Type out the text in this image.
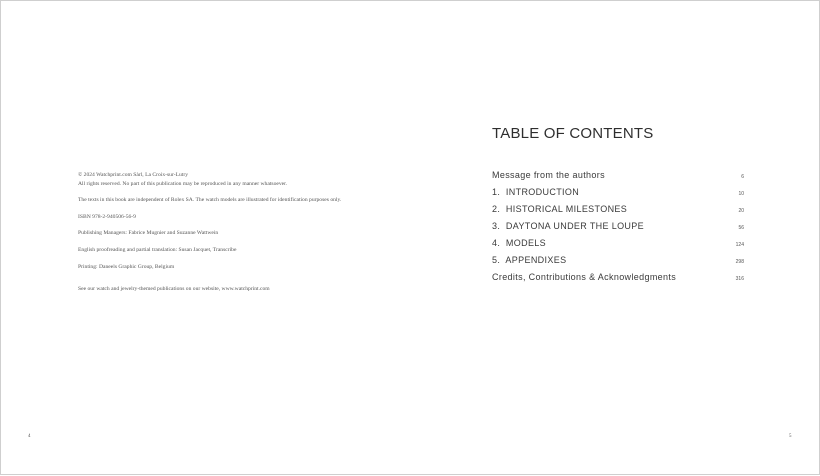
© 2024 Watchprint.com Sàrl, La Croix-sur-Lutry
All rights reserved. No part of this publication may be reproduced in any manner whatsoever.

The texts in this book are independent of Rolex SA. The watch models are illustrated for identification purposes only.

ISBN 978-2-940506-56-9

Publishing Managers: Fabrice Mugnier and Suzanne Wattwein

English proofreading and partial translation: Susan Jacquet, Transcribe

Printing: Daneels Graphic Group, Belgium

See our watch and jewelry-themed publications on our website, www.watchprint.com

4
TABLE OF CONTENTS
Message from the authors	6
1.  INTRODUCTION	10
2.  HISTORICAL MILESTONES	20
3.  DAYTONA UNDER THE LOUPE	56
4.  MODELS	124
5.  APPENDIXES	298
Credits, Contributions & Acknowledgments	316
5
